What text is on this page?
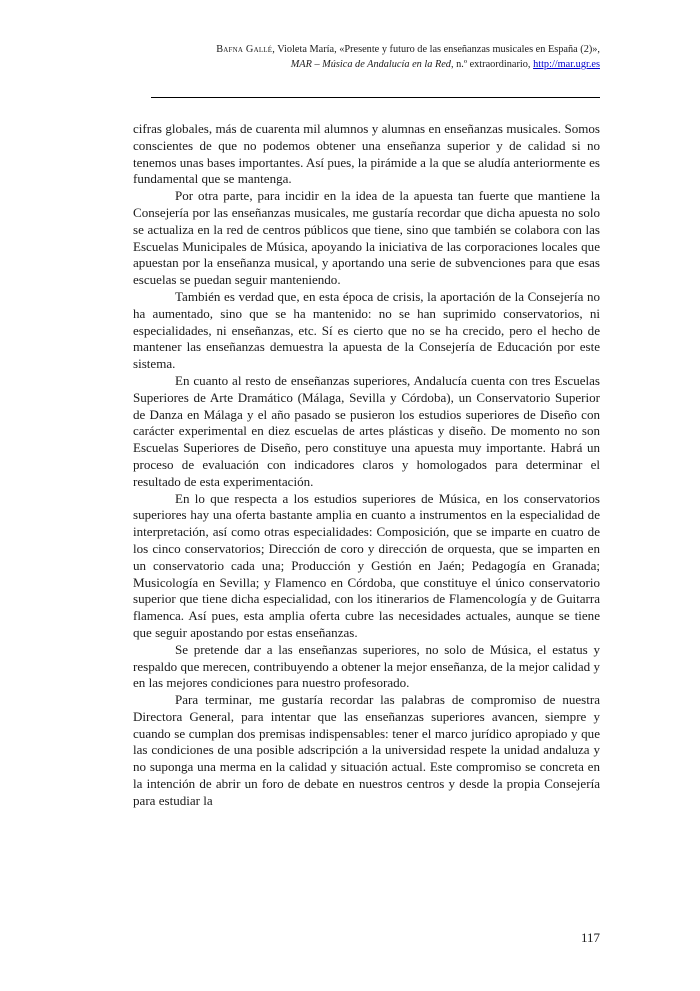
Bafna Gallé, Violeta María, «Presente y futuro de las enseñanzas musicales en España (2)»,
MAR – Música de Andalucía en la Red, n.º extraordinario, http://mar.ugr.es

cifras globales, más de cuarenta mil alumnos y alumnas en enseñanzas musicales. Somos conscientes de que no podemos obtener una enseñanza superior y de calidad si no tenemos unas bases importantes. Así pues, la pirámide a la que se aludía anteriormente es fundamental que se mantenga.

Por otra parte, para incidir en la idea de la apuesta tan fuerte que mantiene la Consejería por las enseñanzas musicales, me gustaría recordar que dicha apuesta no solo se actualiza en la red de centros públicos que tiene, sino que también se colabora con las Escuelas Municipales de Música, apoyando la iniciativa de las corporaciones locales que apuestan por la enseñanza musical, y aportando una serie de subvenciones para que esas escuelas se puedan seguir manteniendo.

También es verdad que, en esta época de crisis, la aportación de la Consejería no ha aumentado, sino que se ha mantenido: no se han suprimido conservatorios, ni especialidades, ni enseñanzas, etc. Sí es cierto que no se ha crecido, pero el hecho de mantener las enseñanzas demuestra la apuesta de la Consejería de Educación por este sistema.

En cuanto al resto de enseñanzas superiores, Andalucía cuenta con tres Escuelas Superiores de Arte Dramático (Málaga, Sevilla y Córdoba), un Conservatorio Superior de Danza en Málaga y el año pasado se pusieron los estudios superiores de Diseño con carácter experimental en diez escuelas de artes plásticas y diseño. De momento no son Escuelas Superiores de Diseño, pero constituye una apuesta muy importante. Habrá un proceso de evaluación con indicadores claros y homologados para determinar el resultado de esta experimentación.

En lo que respecta a los estudios superiores de Música, en los conservatorios superiores hay una oferta bastante amplia en cuanto a instrumentos en la especialidad de interpretación, así como otras especialidades: Composición, que se imparte en cuatro de los cinco conservatorios; Dirección de coro y dirección de orquesta, que se imparten en un conservatorio cada una; Producción y Gestión en Jaén; Pedagogía en Granada; Musicología en Sevilla; y Flamenco en Córdoba, que constituye el único conservatorio superior que tiene dicha especialidad, con los itinerarios de Flamencología y de Guitarra flamenca. Así pues, esta amplia oferta cubre las necesidades actuales, aunque se tiene que seguir apostando por estas enseñanzas.

Se pretende dar a las enseñanzas superiores, no solo de Música, el estatus y respaldo que merecen, contribuyendo a obtener la mejor enseñanza, de la mejor calidad y en las mejores condiciones para nuestro profesorado.

Para terminar, me gustaría recordar las palabras de compromiso de nuestra Directora General, para intentar que las enseñanzas superiores avancen, siempre y cuando se cumplan dos premisas indispensables: tener el marco jurídico apropiado y que las condiciones de una posible adscripción a la universidad respete la unidad andaluza y no suponga una merma en la calidad y situación actual. Este compromiso se concreta en la intención de abrir un foro de debate en nuestros centros y desde la propia Consejería para estudiar la

117
